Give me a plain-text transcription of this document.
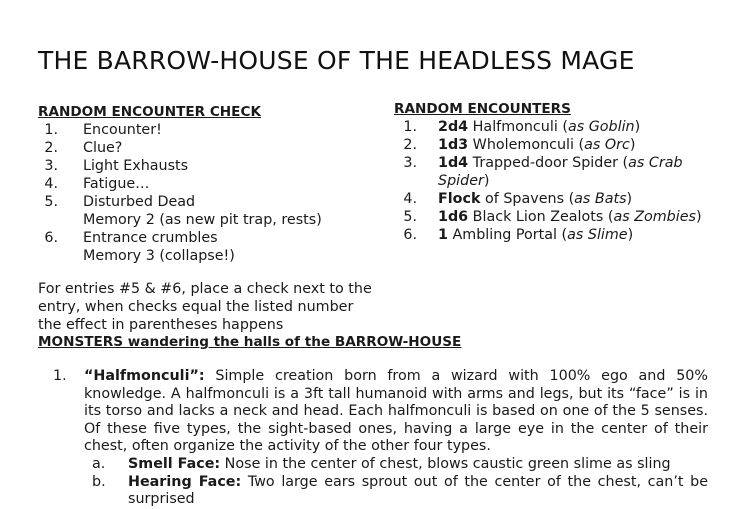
THE BARROW-HOUSE OF THE HEADLESS MAGE
RANDOM ENCOUNTER CHECK
1. Encounter!
2. Clue?
3. Light Exhausts
4. Fatigue…
5. Disturbed Dead
Memory 2 (as new pit trap, rests)
6. Entrance crumbles
Memory 3 (collapse!)
RANDOM ENCOUNTERS
1. 2d4 Halfmonculi (as Goblin)
2. 1d3 Wholemonculi (as Orc)
3. 1d4 Trapped-door Spider (as Crab Spider)
4. Flock of Spavens (as Bats)
5. 1d6 Black Lion Zealots (as Zombies)
6. 1 Ambling Portal (as Slime)
For entries #5 & #6, place a check next to the entry, when checks equal the listed number the effect in parentheses happens
MONSTERS wandering the halls of the BARROW-HOUSE
1. “Halfmonculi”: Simple creation born from a wizard with 100% ego and 50% knowledge. A halfmonculi is a 3ft tall humanoid with arms and legs, but its “face” is in its torso and lacks a neck and head. Each halfmonculi is based on one of the 5 senses. Of these five types, the sight-based ones, having a large eye in the center of their chest, often organize the activity of the other four types.
a. Smell Face: Nose in the center of chest, blows caustic green slime as sling
b. Hearing Face: Two large ears sprout out of the center of the chest, can’t be surprised
